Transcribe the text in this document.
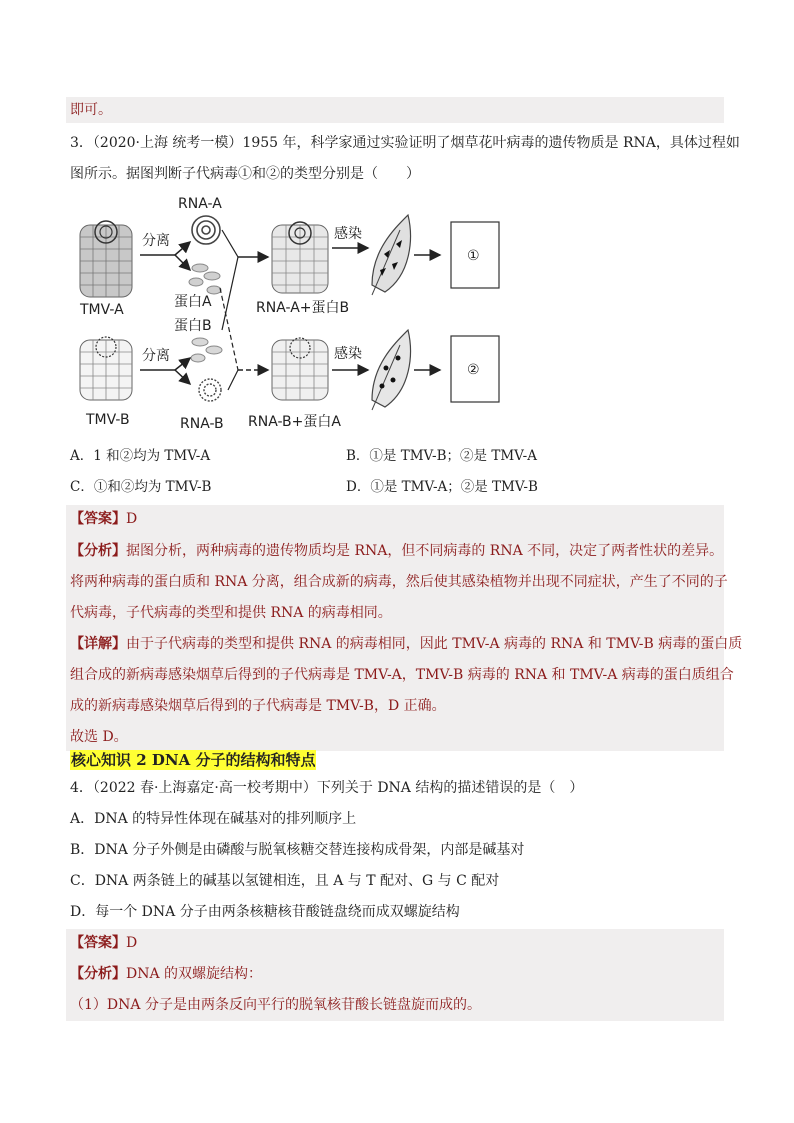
即可。
3．（2020·上海 统考一模）1955 年，科学家通过实验证明了烟草花叶病毒的遗传物质是 RNA，具体过程如
图所示。据图判断子代病毒①和②的类型分别是（　　）
TMV-A
RNA-A
蛋白A
分离
RNA-A+蛋白B
感染
①
蛋白B
TMV-B
分离
RNA-B RNA-B+蛋白A
感染
②
A．1 和②均为 TMV-A	B．①是 TMV-B；②是 TMV-A
C．①和②均为 TMV-B	D．①是 TMV-A；②是 TMV-B
【答案】D
【分析】据图分析，两种病毒的遗传物质均是 RNA，但不同病毒的 RNA 不同，决定了两者性状的差异。
将两种病毒的蛋白质和 RNA 分离，组合成新的病毒，然后使其感染植物并出现不同症状，产生了不同的子
代病毒，子代病毒的类型和提供 RNA 的病毒相同。
【详解】由于子代病毒的类型和提供 RNA 的病毒相同，因此 TMV-A 病毒的 RNA 和 TMV-B 病毒的蛋白质
组合成的新病毒感染烟草后得到的子代病毒是 TMV-A，TMV-B 病毒的 RNA 和 TMV-A 病毒的蛋白质组合
成的新病毒感染烟草后得到的子代病毒是 TMV-B，D 正确。
故选 D。
核心知识 2 DNA 分子的结构和特点
4．（2022 春·上海嘉定·高一校考期中）下列关于 DNA 结构的描述错误的是（　）
A．DNA 的特异性体现在碱基对的排列顺序上
B．DNA 分子外侧是由磷酸与脱氧核糖交替连接构成骨架，内部是碱基对
C．DNA 两条链上的碱基以氢键相连，且 A 与 T 配对、G 与 C 配对
D．每一个 DNA 分子由两条核糖核苷酸链盘绕而成双螺旋结构
【答案】D
【分析】DNA 的双螺旋结构：
（1）DNA 分子是由两条反向平行的脱氧核苷酸长链盘旋而成的。
